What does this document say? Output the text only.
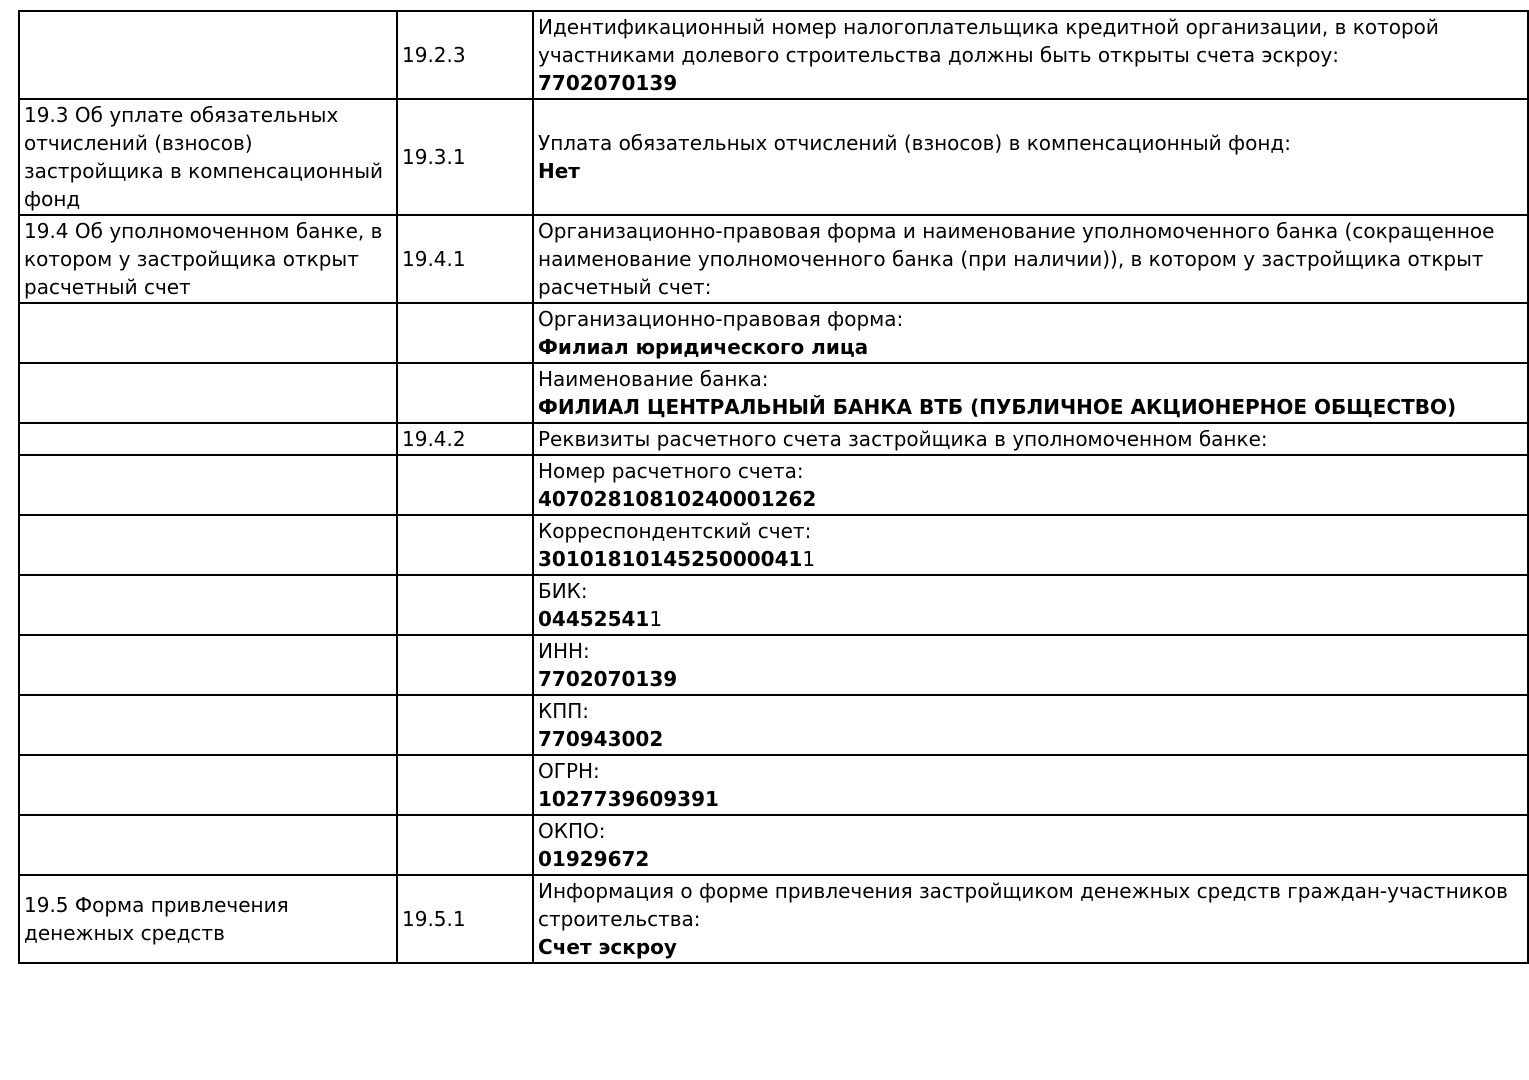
	19.2.3	Идентификационный номер налогоплательщика кредитной организации, в которой участниками долевого строительства должны быть открыты счета эскроу:
7702070139

19.3 Об уплате обязательных отчислений (взносов) застройщика в компенсационный фонд	19.3.1	Уплата обязательных отчислений (взносов) в компенсационный фонд:
Нет

19.4 Об уполномоченном банке, в котором у застройщика открыт расчетный счет	19.4.1	Организационно-правовая форма и наименование уполномоченного банка (сокращенное наименование уполномоченного банка (при наличии)), в котором у застройщика открыт расчетный счет:

		Организационно-правовая форма:
Филиал юридического лица

		Наименование банка:
ФИЛИАЛ ЦЕНТРАЛЬНЫЙ БАНКА ВТБ (ПУБЛИЧНОЕ АКЦИОНЕРНОЕ ОБЩЕСТВО)

	19.4.2	Реквизиты расчетного счета застройщика в уполномоченном банке:

		Номер расчетного счета:
40702810810240001262

		Корреспондентский счет:
30101810145250000411

		БИК:
044525411

		ИНН:
7702070139

		КПП:
770943002

		ОГРН:
1027739609391

		ОКПО:
01929672

19.5 Форма привлечения денежных средств	19.5.1	Информация о форме привлечения застройщиком денежных средств граждан-участников строительства:
Счет эскроу
